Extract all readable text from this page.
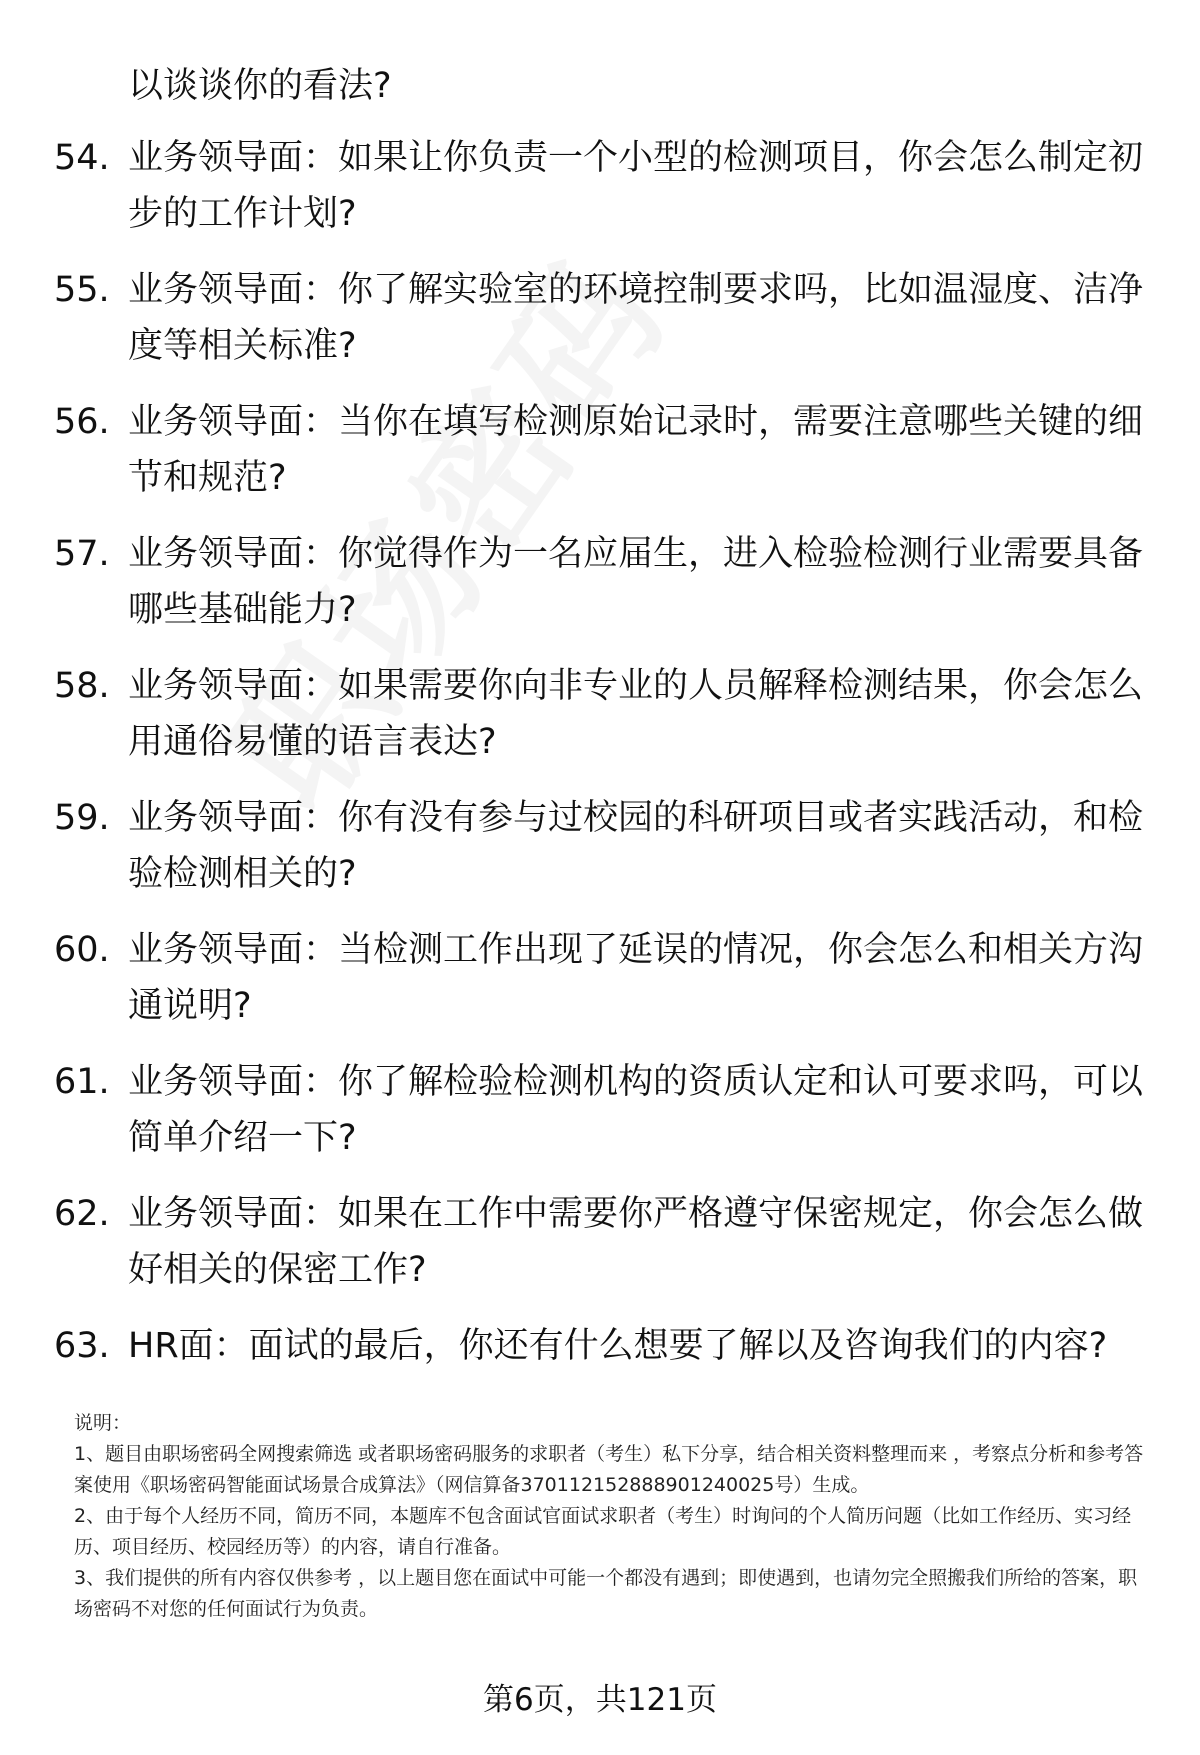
以谈谈你的看法?
54. 业务领导面：如果让你负责一个小型的检测项目，你会怎么制定初步的工作计划?
55. 业务领导面：你了解实验室的环境控制要求吗，比如温湿度、洁净度等相关标准?
56. 业务领导面：当你在填写检测原始记录时，需要注意哪些关键的细节和规范?
57. 业务领导面：你觉得作为一名应届生，进入检验检测行业需要具备哪些基础能力?
58. 业务领导面：如果需要你向非专业的人员解释检测结果，你会怎么用通俗易懂的语言表达?
59. 业务领导面：你有没有参与过校园的科研项目或者实践活动，和检验检测相关的?
60. 业务领导面：当检测工作出现了延误的情况，你会怎么和相关方沟通说明?
61. 业务领导面：你了解检验检测机构的资质认定和认可要求吗，可以简单介绍一下?
62. 业务领导面：如果在工作中需要你严格遵守保密规定，你会怎么做好相关的保密工作?
63. HR面：面试的最后，你还有什么想要了解以及咨询我们的内容?

说明：

1、题目由职场密码全网搜索筛选 或者职场密码服务的求职者（考生）私下分享，结合相关资料整理而来 ，考察点分析和参考答案使用《职场密码智能面试场景合成算法》（网信算备370112152888901240025号）生成。

2、由于每个人经历不同，简历不同，本题库不包含面试官面试求职者（考生）时询问的个人简历问题（比如工作经历、实习经历、项目经历、校园经历等）的内容，请自行准备。

3、我们提供的所有内容仅供参考 ，以上题目您在面试中可能一个都没有遇到；即使遇到，也请勿完全照搬我们所给的答案，职场密码不对您的任何面试行为负责。

第6页，共121页
